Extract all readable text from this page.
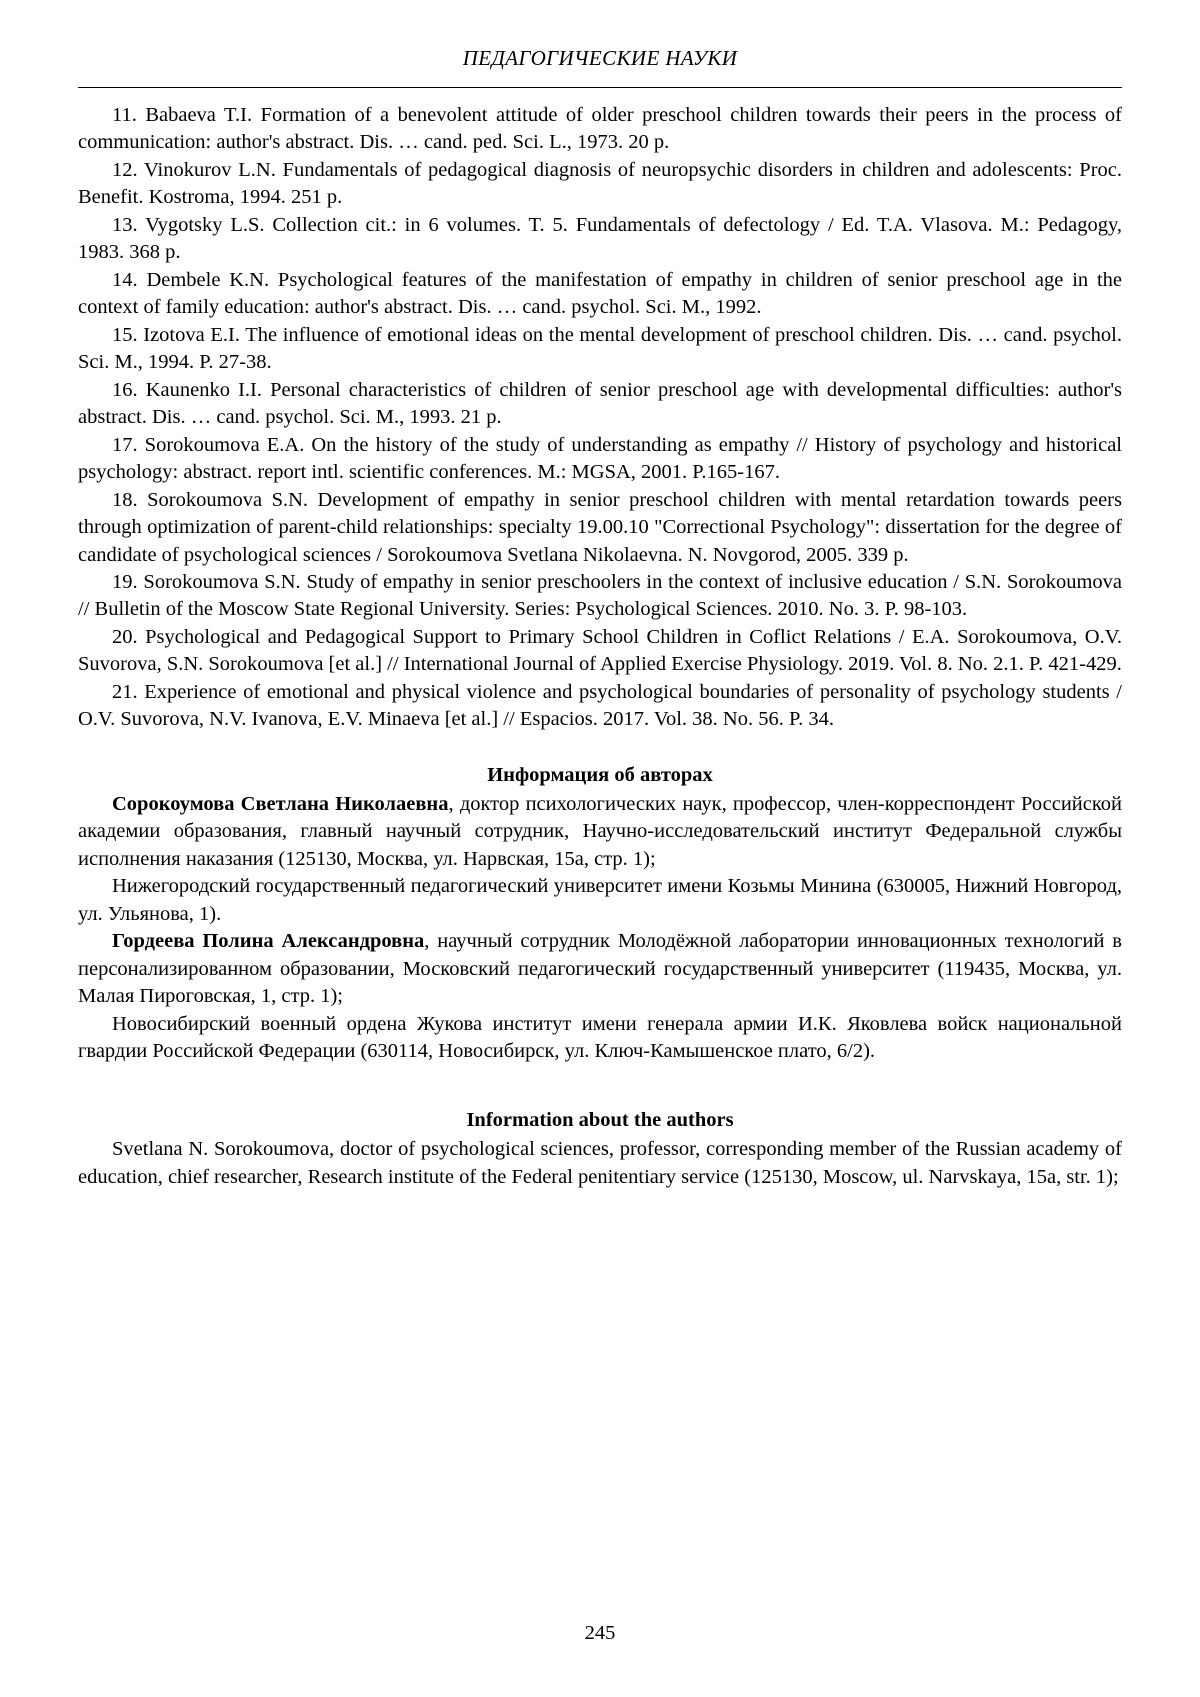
ПЕДАГОГИЧЕСКИЕ НАУКИ

11. Babaeva T.I. Formation of a benevolent attitude of older preschool children towards their peers in the process of communication: author's abstract. Dis. … cand. ped. Sci. L., 1973. 20 p.

12. Vinokurov L.N. Fundamentals of pedagogical diagnosis of neuropsychic disorders in children and adolescents: Proc. Benefit. Kostroma, 1994. 251 p.

13. Vygotsky L.S. Collection cit.: in 6 volumes. T. 5. Fundamentals of defectology / Ed. T.A. Vlasova. M.: Pedagogy, 1983. 368 p.

14. Dembele K.N. Psychological features of the manifestation of empathy in children of senior preschool age in the context of family education: author's abstract. Dis. … cand. psychol. Sci. M., 1992.

15. Izotova E.I. The influence of emotional ideas on the mental development of preschool children. Dis. … cand. psychol. Sci. M., 1994. P. 27-38.

16. Kaunenko I.I. Personal characteristics of children of senior preschool age with developmental difficulties: author's abstract. Dis. … cand. psychol. Sci. M., 1993. 21 p.

17. Sorokoumova E.A. On the history of the study of understanding as empathy // History of psychology and historical psychology: abstract. report intl. scientific conferences. M.: MGSA, 2001. P.165-167.

18. Sorokoumova S.N. Development of empathy in senior preschool children with mental retardation towards peers through optimization of parent-child relationships: specialty 19.00.10 "Correctional Psychology": dissertation for the degree of candidate of psychological sciences / Sorokoumova Svetlana Nikolaevna. N. Novgorod, 2005. 339 p.

19. Sorokoumova S.N. Study of empathy in senior preschoolers in the context of inclusive education / S.N. Sorokoumova // Bulletin of the Moscow State Regional University. Series: Psychological Sciences. 2010. No. 3. P. 98-103.

20. Psychological and Pedagogical Support to Primary School Children in Coflict Relations / E.A. Sorokoumova, O.V. Suvorova, S.N. Sorokoumova [et al.] // International Journal of Applied Exercise Physiology. 2019. Vol. 8. No. 2.1. P. 421-429.

21. Experience of emotional and physical violence and psychological boundaries of personality of psychology students / O.V. Suvorova, N.V. Ivanova, E.V. Minaeva [et al.] // Espacios. 2017. Vol. 38. No. 56. P. 34.

Информация об авторах

Сорокоумова Светлана Николаевна, доктор психологических наук, профессор, член-корреспондент Российской академии образования, главный научный сотрудник, Научно-исследовательский институт Федеральной службы исполнения наказания (125130, Москва, ул. Нарвская, 15а, стр. 1);

Нижегородский государственный педагогический университет имени Козьмы Минина (630005, Нижний Новгород, ул. Ульянова, 1).

Гордеева Полина Александровна, научный сотрудник Молодёжной лаборатории инновационных технологий в персонализированном образовании, Московский педагогический государственный университет (119435, Москва, ул. Малая Пироговская, 1, стр. 1);

Новосибирский военный ордена Жукова институт имени генерала армии И.К. Яковлева войск национальной гвардии Российской Федерации (630114, Новосибирск, ул. Ключ-Камышенское плато, 6/2).

Information about the authors

Svetlana N. Sorokoumova, doctor of psychological sciences, professor, corresponding member of the Russian academy of education, chief researcher, Research institute of the Federal penitentiary service (125130, Moscow, ul. Narvskaya, 15a, str. 1);

245
